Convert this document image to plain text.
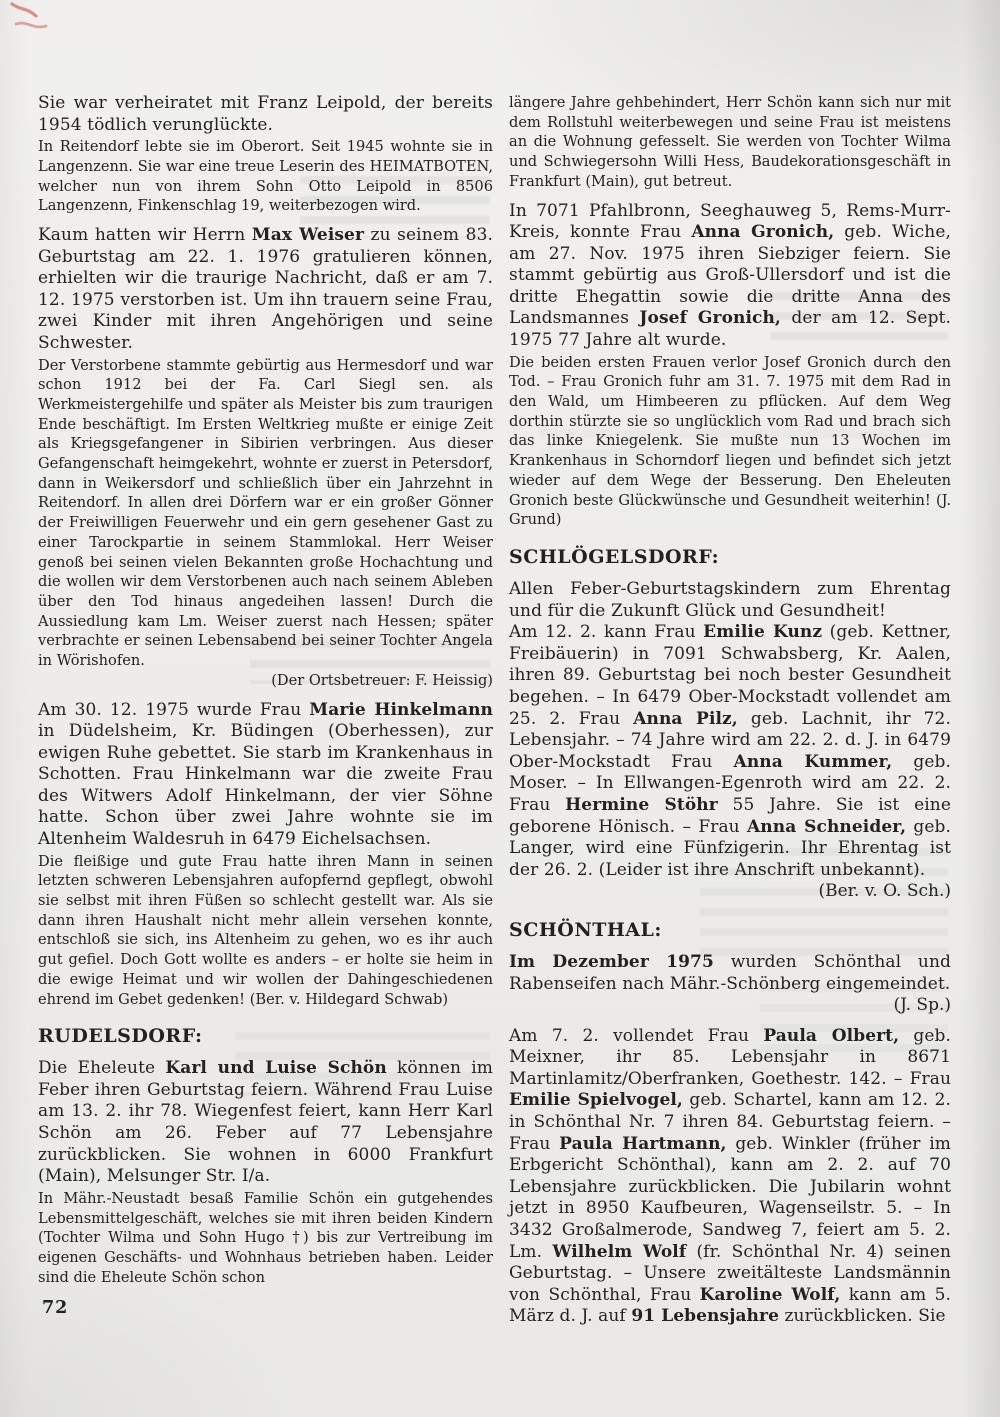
Sie war verheiratet mit Franz Leipold, der bereits 1954 tödlich verunglückte.
In Reitendorf lebte sie im Oberort. Seit 1945 wohnte sie in Langenzenn. Sie war eine treue Leserin des HEIMATBOTEN, welcher nun von ihrem Sohn Otto Leipold in 8506 Langenzenn, Finkenschlag 19, weiterbezogen wird.
Kaum hatten wir Herrn Max Weiser zu seinem 83. Geburtstag am 22. 1. 1976 gratulieren können, erhielten wir die traurige Nachricht, daß er am 7. 12. 1975 verstorben ist. Um ihn trauern seine Frau, zwei Kinder mit ihren Angehörigen und seine Schwester.
Der Verstorbene stammte gebürtig aus Hermesdorf und war schon 1912 bei der Fa. Carl Siegl sen. als Werkmeistergehilfe und später als Meister bis zum traurigen Ende beschäftigt. Im Ersten Weltkrieg mußte er einige Zeit als Kriegsgefangener in Sibirien verbringen. Aus dieser Gefangenschaft heimgekehrt, wohnte er zuerst in Petersdorf, dann in Weikersdorf und schließlich über ein Jahrzehnt in Reitendorf. In allen drei Dörfern war er ein großer Gönner der Freiwilligen Feuerwehr und ein gern gesehener Gast zu einer Tarockpartie in seinem Stammlokal. Herr Weiser genoß bei seinen vielen Bekannten große Hochachtung und die wollen wir dem Verstorbenen auch nach seinem Ableben über den Tod hinaus angedeihen lassen! Durch die Aussiedlung kam Lm. Weiser zuerst nach Hessen; später verbrachte er seinen Lebensabend bei seiner Tochter Angela in Wörishofen.
(Der Ortsbetreuer: F. Heissig)
Am 30. 12. 1975 wurde Frau Marie Hinkelmann in Düdelsheim, Kr. Büdingen (Oberhessen), zur ewigen Ruhe gebettet. Sie starb im Krankenhaus in Schotten. Frau Hinkelmann war die zweite Frau des Witwers Adolf Hinkelmann, der vier Söhne hatte. Schon über zwei Jahre wohnte sie im Altenheim Waldesruh in 6479 Eichelsachsen.
Die fleißige und gute Frau hatte ihren Mann in seinen letzten schweren Lebensjahren aufopfernd gepflegt, obwohl sie selbst mit ihren Füßen so schlecht gestellt war. Als sie dann ihren Haushalt nicht mehr allein versehen konnte, entschloß sie sich, ins Altenheim zu gehen, wo es ihr auch gut gefiel. Doch Gott wollte es anders – er holte sie heim in die ewige Heimat und wir wollen der Dahingeschiedenen ehrend im Gebet gedenken! (Ber. v. Hildegard Schwab)
RUDELSDORF:
Die Eheleute Karl und Luise Schön können im Feber ihren Geburtstag feiern. Während Frau Luise am 13. 2. ihr 78. Wiegenfest feiert, kann Herr Karl Schön am 26. Feber auf 77 Lebensjahre zurückblicken. Sie wohnen in 6000 Frankfurt (Main), Melsunger Str. I/a.
In Mähr.-Neustadt besaß Familie Schön ein gutgehendes Lebensmittelgeschäft, welches sie mit ihren beiden Kindern (Tochter Wilma und Sohn Hugo †) bis zur Vertreibung im eigenen Geschäfts- und Wohnhaus betrieben haben. Leider sind die Eheleute Schön schon
längere Jahre gehbehindert, Herr Schön kann sich nur mit dem Rollstuhl weiterbewegen und seine Frau ist meistens an die Wohnung gefesselt. Sie werden von Tochter Wilma und Schwiegersohn Willi Hess, Baudekorationsgeschäft in Frankfurt (Main), gut betreut.
In 7071 Pfahlbronn, Seeghauweg 5, Rems-Murr-Kreis, konnte Frau Anna Gronich, geb. Wiche, am 27. Nov. 1975 ihren Siebziger feiern. Sie stammt gebürtig aus Groß-Ullersdorf und ist die dritte Ehegattin sowie die dritte Anna des Landsmannes Josef Gronich, der am 12. Sept. 1975 77 Jahre alt wurde.
Die beiden ersten Frauen verlor Josef Gronich durch den Tod. – Frau Gronich fuhr am 31. 7. 1975 mit dem Rad in den Wald, um Himbeeren zu pflücken. Auf dem Weg dorthin stürzte sie so unglücklich vom Rad und brach sich das linke Kniegelenk. Sie mußte nun 13 Wochen im Krankenhaus in Schorndorf liegen und befindet sich jetzt wieder auf dem Wege der Besserung. Den Eheleuten Gronich beste Glückwünsche und Gesundheit weiterhin! (J. Grund)
SCHLÖGELSDORF:
Allen Feber-Geburtstagskindern zum Ehrentag und für die Zukunft Glück und Gesundheit!
Am 12. 2. kann Frau Emilie Kunz (geb. Kettner, Freibäuerin) in 7091 Schwabsberg, Kr. Aalen, ihren 89. Geburtstag bei noch bester Gesundheit begehen. – In 6479 Ober-Mockstadt vollendet am 25. 2. Frau Anna Pilz, geb. Lachnit, ihr 72. Lebensjahr. – 74 Jahre wird am 22. 2. d. J. in 6479 Ober-Mockstadt Frau Anna Kummer, geb. Moser. – In Ellwangen-Egenroth wird am 22. 2. Frau Hermine Stöhr 55 Jahre. Sie ist eine geborene Hönisch. – Frau Anna Schneider, geb. Langer, wird eine Fünfzigerin. Ihr Ehrentag ist der 26. 2. (Leider ist ihre Anschrift unbekannt).
(Ber. v. O. Sch.)
SCHÖNTHAL:
Im Dezember 1975 wurden Schönthal und Rabenseifen nach Mähr.-Schönberg eingemeindet.
(J. Sp.)
Am 7. 2. vollendet Frau Paula Olbert, geb. Meixner, ihr 85. Lebensjahr in 8671 Martinlamitz/Oberfranken, Goethestr. 142. – Frau Emilie Spielvogel, geb. Schartel, kann am 12. 2. in Schönthal Nr. 7 ihren 84. Geburtstag feiern. – Frau Paula Hartmann, geb. Winkler (früher im Erbgericht Schönthal), kann am 2. 2. auf 70 Lebensjahre zurückblicken. Die Jubilarin wohnt jetzt in 8950 Kaufbeuren, Wagenseilstr. 5. – In 3432 Großalmerode, Sandweg 7, feiert am 5. 2. Lm. Wilhelm Wolf (fr. Schönthal Nr. 4) seinen Geburtstag. – Unsere zweitälteste Landsmännin von Schönthal, Frau Karoline Wolf, kann am 5. März d. J. auf 91 Lebensjahre zurückblicken. Sie
72
